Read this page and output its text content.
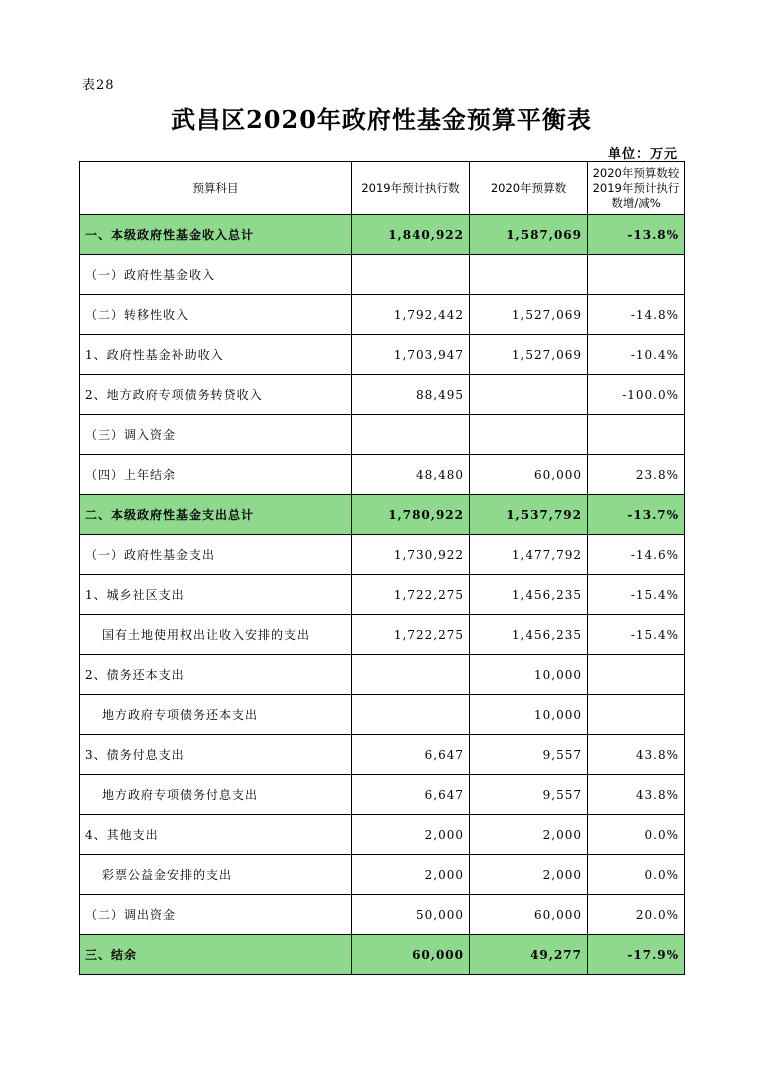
表28
武昌区2020年政府性基金预算平衡表
单位：万元
预算科目	2019年预计执行数	2020年预算数	2020年预算数较2019年预计执行数增/减%
一、本级政府性基金收入总计	1,840,922	1,587,069	-13.8%
（一）政府性基金收入			
（二）转移性收入	1,792,442	1,527,069	-14.8%
1、政府性基金补助收入	1,703,947	1,527,069	-10.4%
2、地方政府专项债务转贷收入	88,495		-100.0%
（三）调入资金			
（四）上年结余	48,480	60,000	23.8%
二、本级政府性基金支出总计	1,780,922	1,537,792	-13.7%
（一）政府性基金支出	1,730,922	1,477,792	-14.6%
1、城乡社区支出	1,722,275	1,456,235	-15.4%
国有土地使用权出让收入安排的支出	1,722,275	1,456,235	-15.4%
2、债务还本支出		10,000	
地方政府专项债务还本支出		10,000	
3、债务付息支出	6,647	9,557	43.8%
地方政府专项债务付息支出	6,647	9,557	43.8%
4、其他支出	2,000	2,000	0.0%
彩票公益金安排的支出	2,000	2,000	0.0%
（二）调出资金	50,000	60,000	20.0%
三、结余	60,000	49,277	-17.9%
